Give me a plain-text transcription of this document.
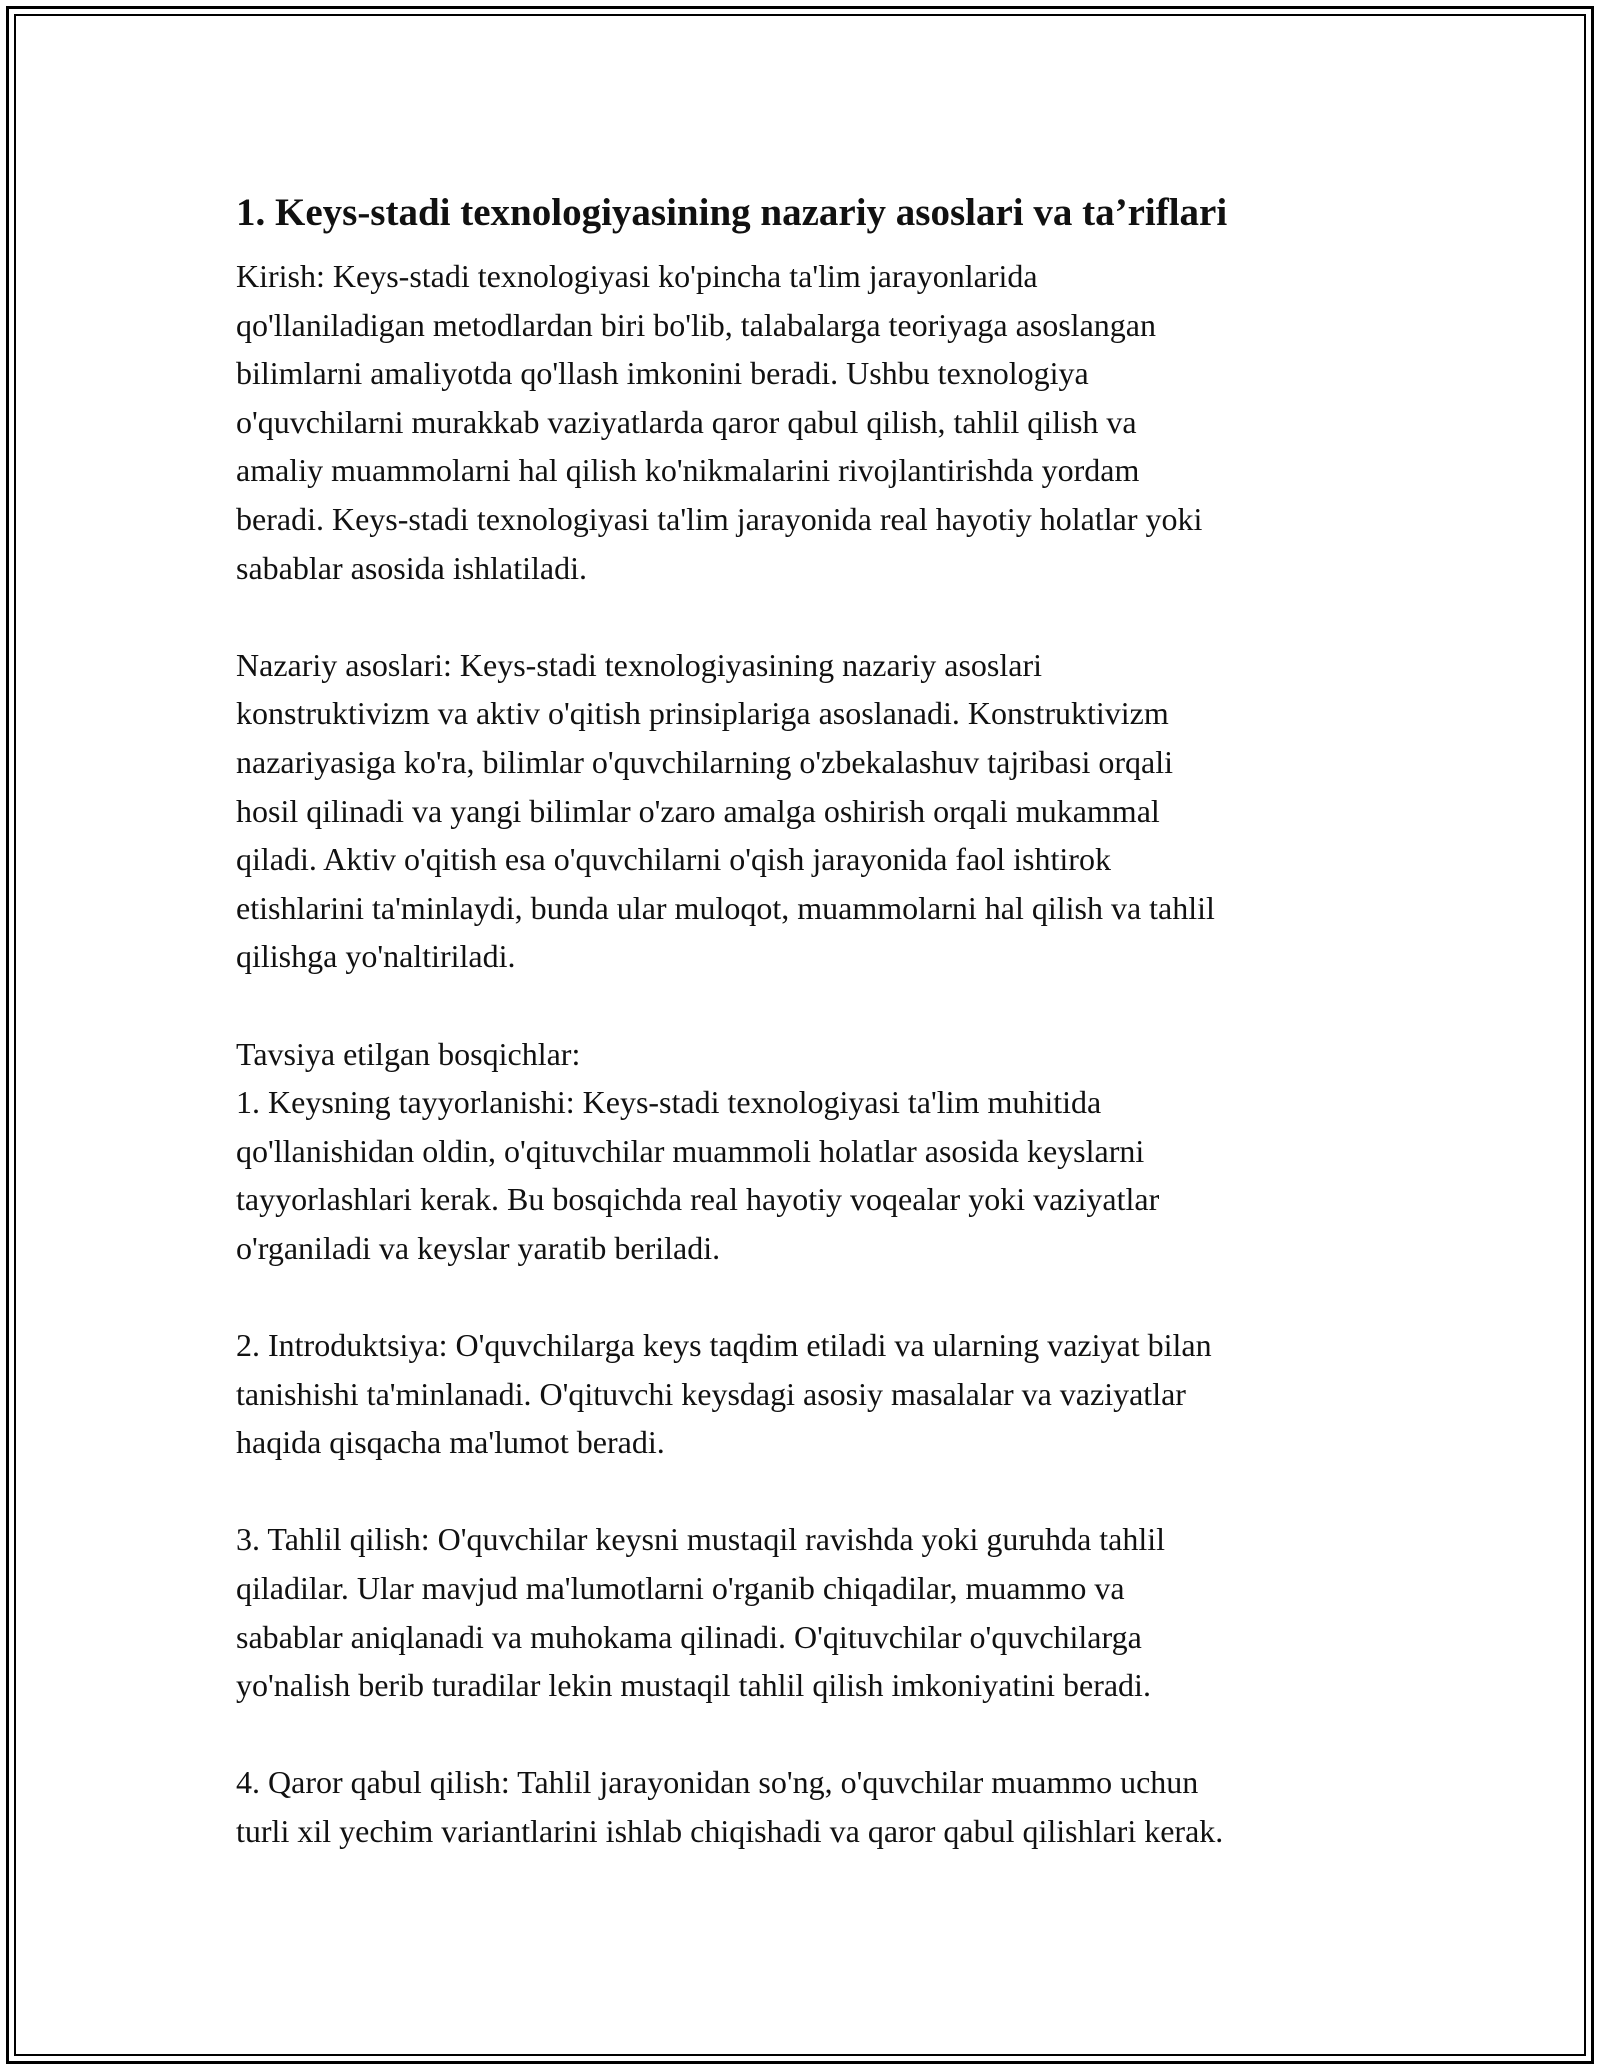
1. Keys-stadi texnologiyasining nazariy asoslari va ta’riflari

Kirish: Keys-stadi texnologiyasi ko'pincha ta'lim jarayonlarida
qo'llaniladigan metodlardan biri bo'lib, talabalarga teoriyaga asoslangan
bilimlarni amaliyotda qo'llash imkonini beradi. Ushbu texnologiya
o'quvchilarni murakkab vaziyatlarda qaror qabul qilish, tahlil qilish va
amaliy muammolarni hal qilish ko'nikmalarini rivojlantirishda yordam
beradi. Keys-stadi texnologiyasi ta'lim jarayonida real hayotiy holatlar yoki
sabablar asosida ishlatiladi.

Nazariy asoslari: Keys-stadi texnologiyasining nazariy asoslari
konstruktivizm va aktiv o'qitish prinsiplariga asoslanadi. Konstruktivizm
nazariyasiga ko'ra, bilimlar o'quvchilarning o'zbekalashuv tajribasi orqali
hosil qilinadi va yangi bilimlar o'zaro amalga oshirish orqali mukammal
qiladi. Aktiv o'qitish esa o'quvchilarni o'qish jarayonida faol ishtirok
etishlarini ta'minlaydi, bunda ular muloqot, muammolarni hal qilish va tahlil
qilishga yo'naltiriladi.

Tavsiya etilgan bosqichlar:
1. Keysning tayyorlanishi: Keys-stadi texnologiyasi ta'lim muhitida
qo'llanishidan oldin, o'qituvchilar muammoli holatlar asosida keyslarni
tayyorlashlari kerak. Bu bosqichda real hayotiy voqealar yoki vaziyatlar
o'rganiladi va keyslar yaratib beriladi.

2. Introduktsiya: O'quvchilarga keys taqdim etiladi va ularning vaziyat bilan
tanishishi ta'minlanadi. O'qituvchi keysdagi asosiy masalalar va vaziyatlar
haqida qisqacha ma'lumot beradi.

3. Tahlil qilish: O'quvchilar keysni mustaqil ravishda yoki guruhda tahlil
qiladilar. Ular mavjud ma'lumotlarni o'rganib chiqadilar, muammo va
sabablar aniqlanadi va muhokama qilinadi. O'qituvchilar o'quvchilarga
yo'nalish berib turadilar lekin mustaqil tahlil qilish imkoniyatini beradi.

4. Qaror qabul qilish: Tahlil jarayonidan so'ng, o'quvchilar muammo uchun
turli xil yechim variantlarini ishlab chiqishadi va qaror qabul qilishlari kerak.
